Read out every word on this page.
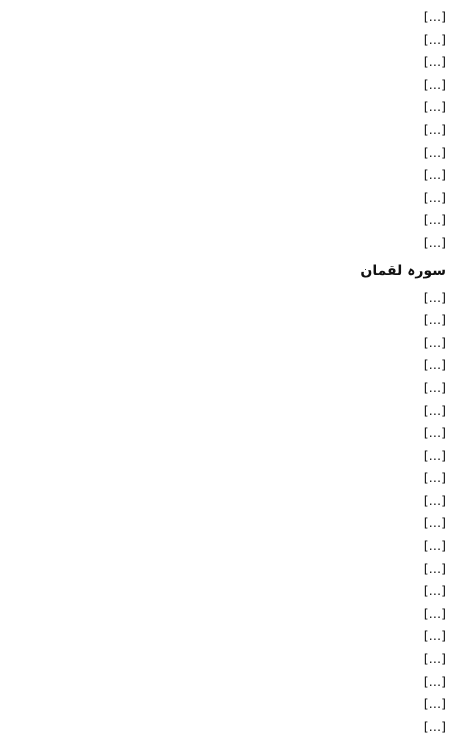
[…]
[…]
[…]
[…]
[…]
[…]
[…]
[…]
[…]
[…]
[…]

سورہ لقمان

[…]
[…]
[…]
[…]
[…]
[…]
[…]
[…]
[…]
[…]
[…]
[…]
[…]
[…]
[…]
[…]
[…]
[…]

[…]
[…]
